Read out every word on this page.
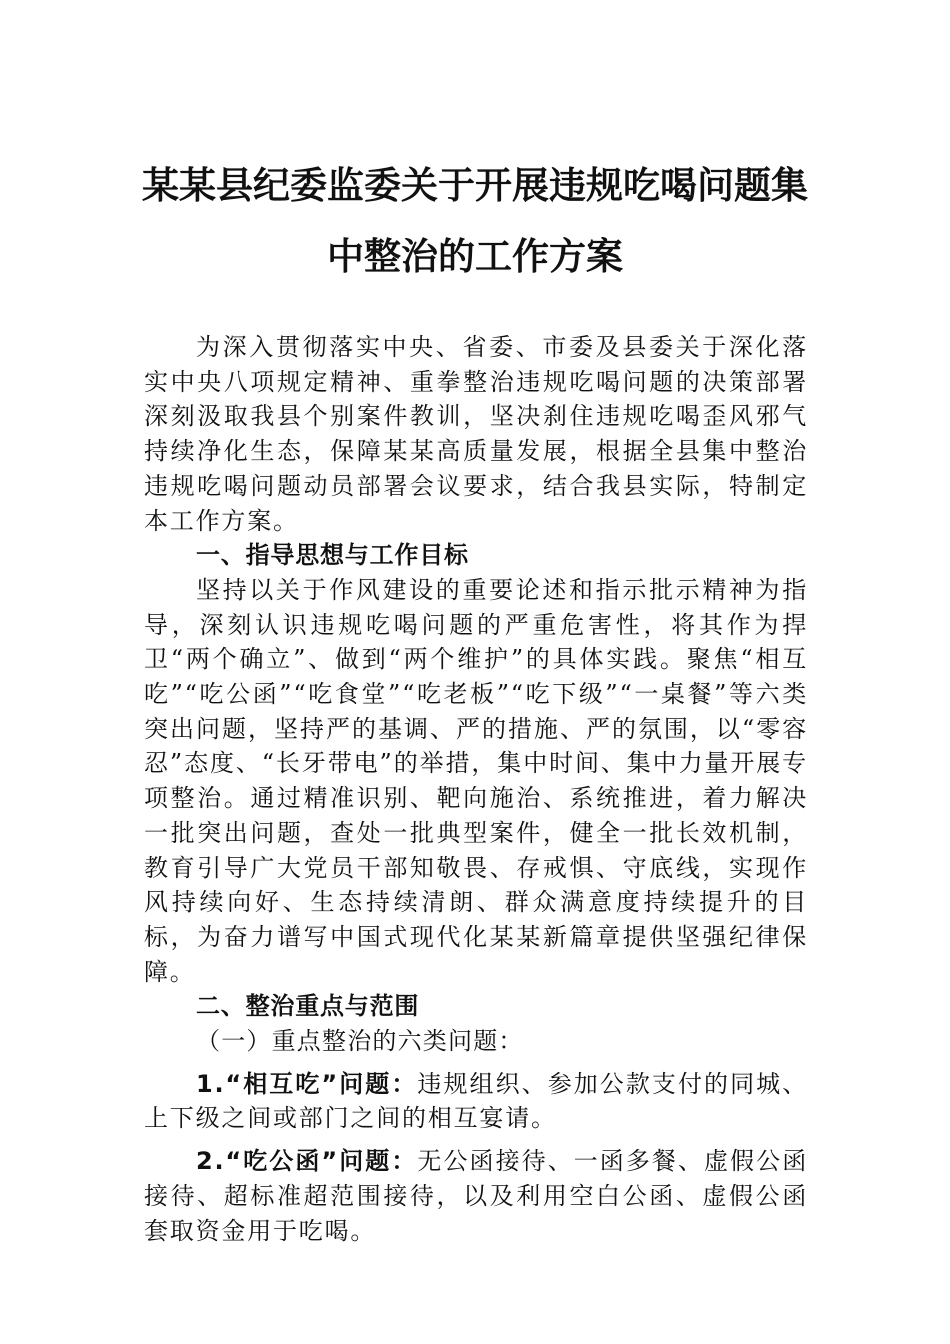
某某县纪委监委关于开展违规吃喝问题集
中整治的工作方案

为深入贯彻落实中央、省委、市委及县委关于深化落实中央八项规定精神、重拳整治违规吃喝问题的决策部署深刻汲取我县个别案件教训，坚决刹住违规吃喝歪风邪气持续净化生态，保障某某高质量发展，根据全县集中整治违规吃喝问题动员部署会议要求，结合我县实际，特制定本工作方案。

一、指导思想与工作目标

坚持以关于作风建设的重要论述和指示批示精神为指导，深刻认识违规吃喝问题的严重危害性，将其作为捍卫“两个确立”、做到“两个维护”的具体实践。聚焦“相互吃”“吃公函”“吃食堂”“吃老板”“吃下级”“一桌餐”等六类突出问题，坚持严的基调、严的措施、严的氛围，以“零容忍”态度、“长牙带电”的举措，集中时间、集中力量开展专项整治。通过精准识别、靶向施治、系统推进，着力解决一批突出问题，查处一批典型案件，健全一批长效机制，教育引导广大党员干部知敬畏、存戒惧、守底线，实现作风持续向好、生态持续清朗、群众满意度持续提升的目标，为奋力谱写中国式现代化某某新篇章提供坚强纪律保障。

二、整治重点与范围

（一）重点整治的六类问题：

1.“相互吃”问题：违规组织、参加公款支付的同城、上下级之间或部门之间的相互宴请。

2.“吃公函”问题：无公函接待、一函多餐、虚假公函接待、超标准超范围接待，以及利用空白公函、虚假公函套取资金用于吃喝。
